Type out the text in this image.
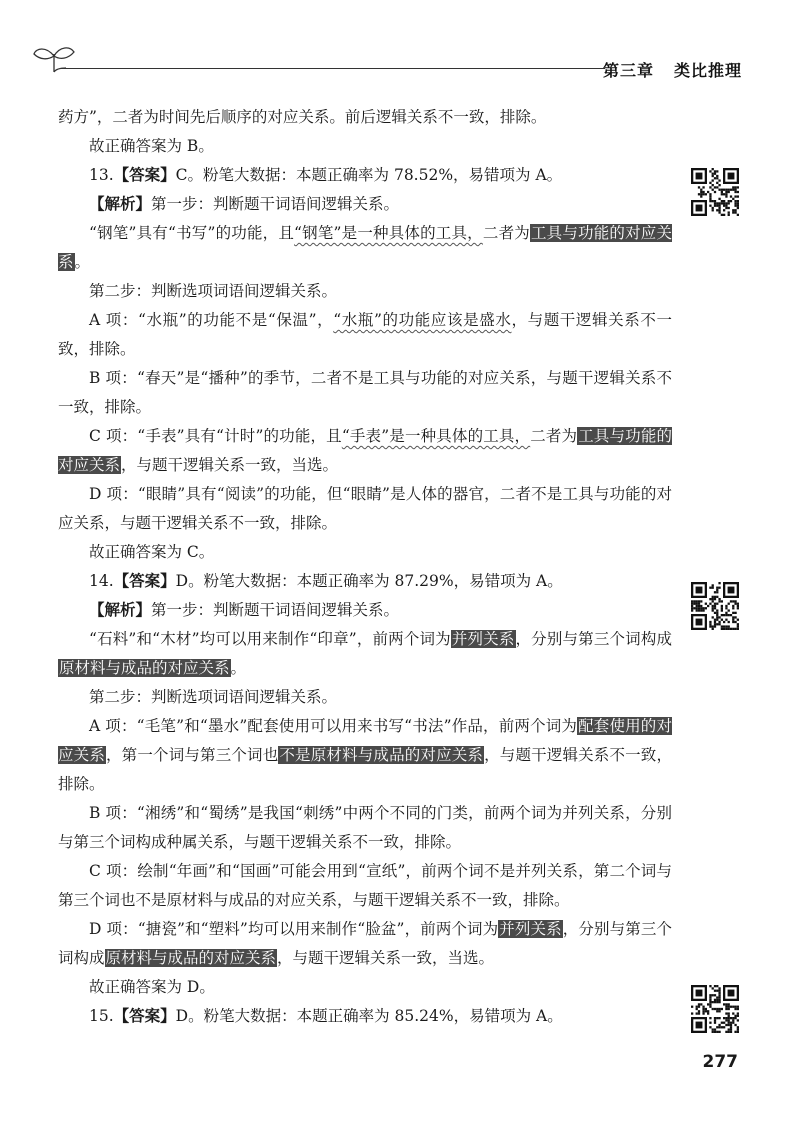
第三章 类比推理

药方”，二者为时间先后顺序的对应关系。前后逻辑关系不一致，排除。

故正确答案为 B。

13.【答案】C。粉笔大数据：本题正确率为 78.52%，易错项为 A。

【解析】第一步：判断题干词语间逻辑关系。

“钢笔”具有“书写”的功能，且“钢笔”是一种具体的工具，二者为工具与功能的对应关系。

第二步：判断选项词语间逻辑关系。

A 项：“水瓶”的功能不是“保温”，“水瓶”的功能应该是盛水，与题干逻辑关系不一致，排除。

B 项：“春天”是“播种”的季节，二者不是工具与功能的对应关系，与题干逻辑关系不一致，排除。

C 项：“手表”具有“计时”的功能，且“手表”是一种具体的工具，二者为工具与功能的对应关系，与题干逻辑关系一致，当选。

D 项：“眼睛”具有“阅读”的功能，但“眼睛”是人体的器官，二者不是工具与功能的对应关系，与题干逻辑关系不一致，排除。

故正确答案为 C。

14.【答案】D。粉笔大数据：本题正确率为 87.29%，易错项为 A。

【解析】第一步：判断题干词语间逻辑关系。

“石料”和“木材”均可以用来制作“印章”，前两个词为并列关系，分别与第三个词构成原材料与成品的对应关系。

第二步：判断选项词语间逻辑关系。

A 项：“毛笔”和“墨水”配套使用可以用来书写“书法”作品，前两个词为配套使用的对应关系，第一个词与第三个词也不是原材料与成品的对应关系，与题干逻辑关系不一致，排除。

B 项：“湘绣”和“蜀绣”是我国“刺绣”中两个不同的门类，前两个词为并列关系，分别与第三个词构成种属关系，与题干逻辑关系不一致，排除。

C 项：绘制“年画”和“国画”可能会用到“宣纸”，前两个词不是并列关系，第二个词与第三个词也不是原材料与成品的对应关系，与题干逻辑关系不一致，排除。

D 项：“搪瓷”和“塑料”均可以用来制作“脸盆”，前两个词为并列关系，分别与第三个词构成原材料与成品的对应关系，与题干逻辑关系一致，当选。

故正确答案为 D。

15.【答案】D。粉笔大数据：本题正确率为 85.24%，易错项为 A。

277
